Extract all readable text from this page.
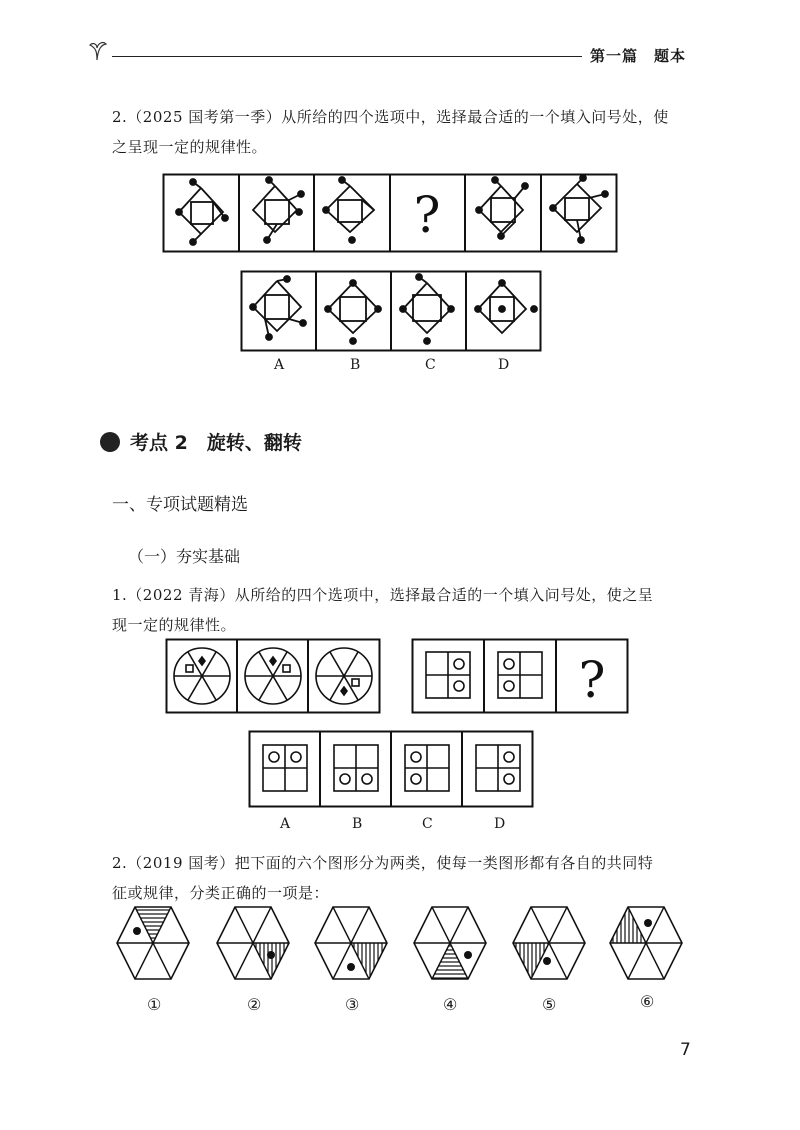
第一篇　题本
2.（2025 国考第一季）从所给的四个选项中，选择最合适的一个填入问号处，使
之呈现一定的规律性。
?
A	B	C	D
考点 2　旋转、翻转
一、专项试题精选
（一）夯实基础
1.（2022 青海）从所给的四个选项中，选择最合适的一个填入问号处，使之呈
现一定的规律性。
?
A	B	C	D
2.（2019 国考）把下面的六个图形分为两类，使每一类图形都有各自的共同特
征或规律，分类正确的一项是：
①	②	③	④	⑤	⑥
7
